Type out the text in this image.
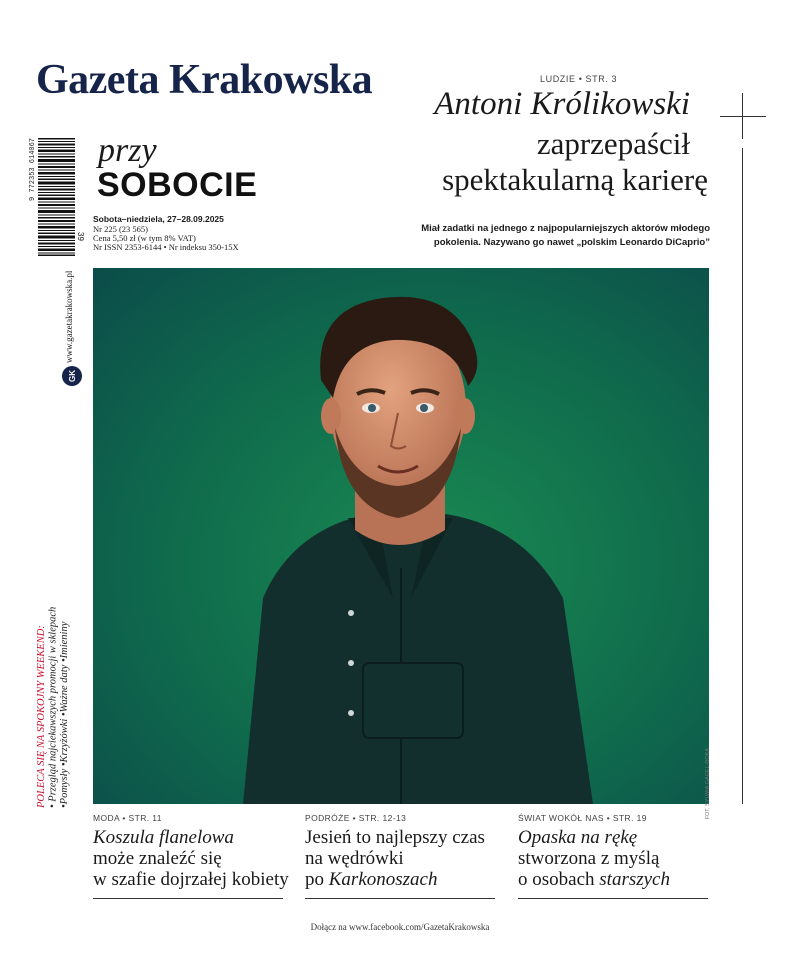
Gazeta Krakowska	LUDZIE • STR. 3
Antoni Królikowski
zaprzepaścił
spektakularną karierę
Miał zadatki na jednego z najpopularniejszych aktorów młodego pokolenia. Nazywano go nawet „polskim Leonardo DiCaprio”
9 772353 614067
39
przy
SOBOCIE
Sobota–niedziela, 27–28.09.2025
Nr 225 (23 565)
Cena 5,50 zł (w tym 8% VAT)
Nr ISSN 2353-6144 • Nr indeksu 350-15X
www.gazetakrakowska.pl
GK
POLECA SIĘ NA SPOKOJNY WEEKEND: • Przegląd najciekawszych promocji w sklepach •Pomysły •Krzyżówki •Ważne daty •Imieniny	FOT. SYLWIA GAGEL-DOKA
MODA • STR. 11
Koszula flanelowa
może znaleźć się
w szafie dojrzałej kobiety
PODRÓŻE • STR. 12-13
Jesień to najlepszy czas
na wędrówki
po Karkonoszach
ŚWIAT WOKÓŁ NAS • STR. 19
Opaska na rękę
stworzona z myślą
o osobach starszych
Dołącz na www.facebook.com/GazetaKrakowska
